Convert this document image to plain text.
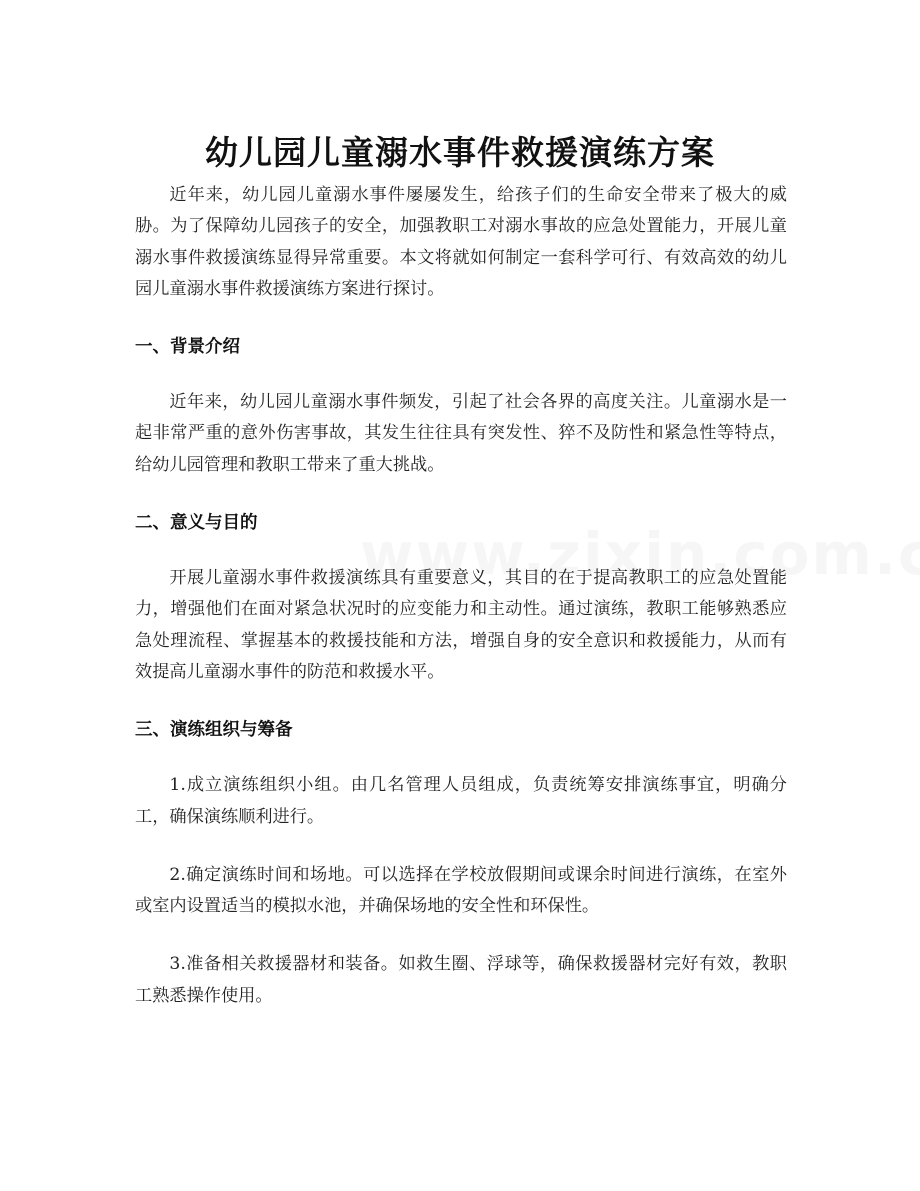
幼儿园儿童溺水事件救援演练方案

近年来，幼儿园儿童溺水事件屡屡发生，给孩子们的生命安全带来了极大的威胁。为了保障幼儿园孩子的安全，加强教职工对溺水事故的应急处置能力，开展儿童溺水事件救援演练显得异常重要。本文将就如何制定一套科学可行、有效高效的幼儿园儿童溺水事件救援演练方案进行探讨。

一、背景介绍

近年来，幼儿园儿童溺水事件频发，引起了社会各界的高度关注。儿童溺水是一起非常严重的意外伤害事故，其发生往往具有突发性、猝不及防性和紧急性等特点，给幼儿园管理和教职工带来了重大挑战。

二、意义与目的

开展儿童溺水事件救援演练具有重要意义，其目的在于提高教职工的应急处置能力，增强他们在面对紧急状况时的应变能力和主动性。通过演练，教职工能够熟悉应急处理流程、掌握基本的救援技能和方法，增强自身的安全意识和救援能力，从而有效提高儿童溺水事件的防范和救援水平。

三、演练组织与筹备

1.成立演练组织小组。由几名管理人员组成，负责统筹安排演练事宜，明确分工，确保演练顺利进行。

2.确定演练时间和场地。可以选择在学校放假期间或课余时间进行演练，在室外或室内设置适当的模拟水池，并确保场地的安全性和环保性。

3.准备相关救援器材和装备。如救生圈、浮球等，确保救援器材完好有效，教职工熟悉操作使用。
